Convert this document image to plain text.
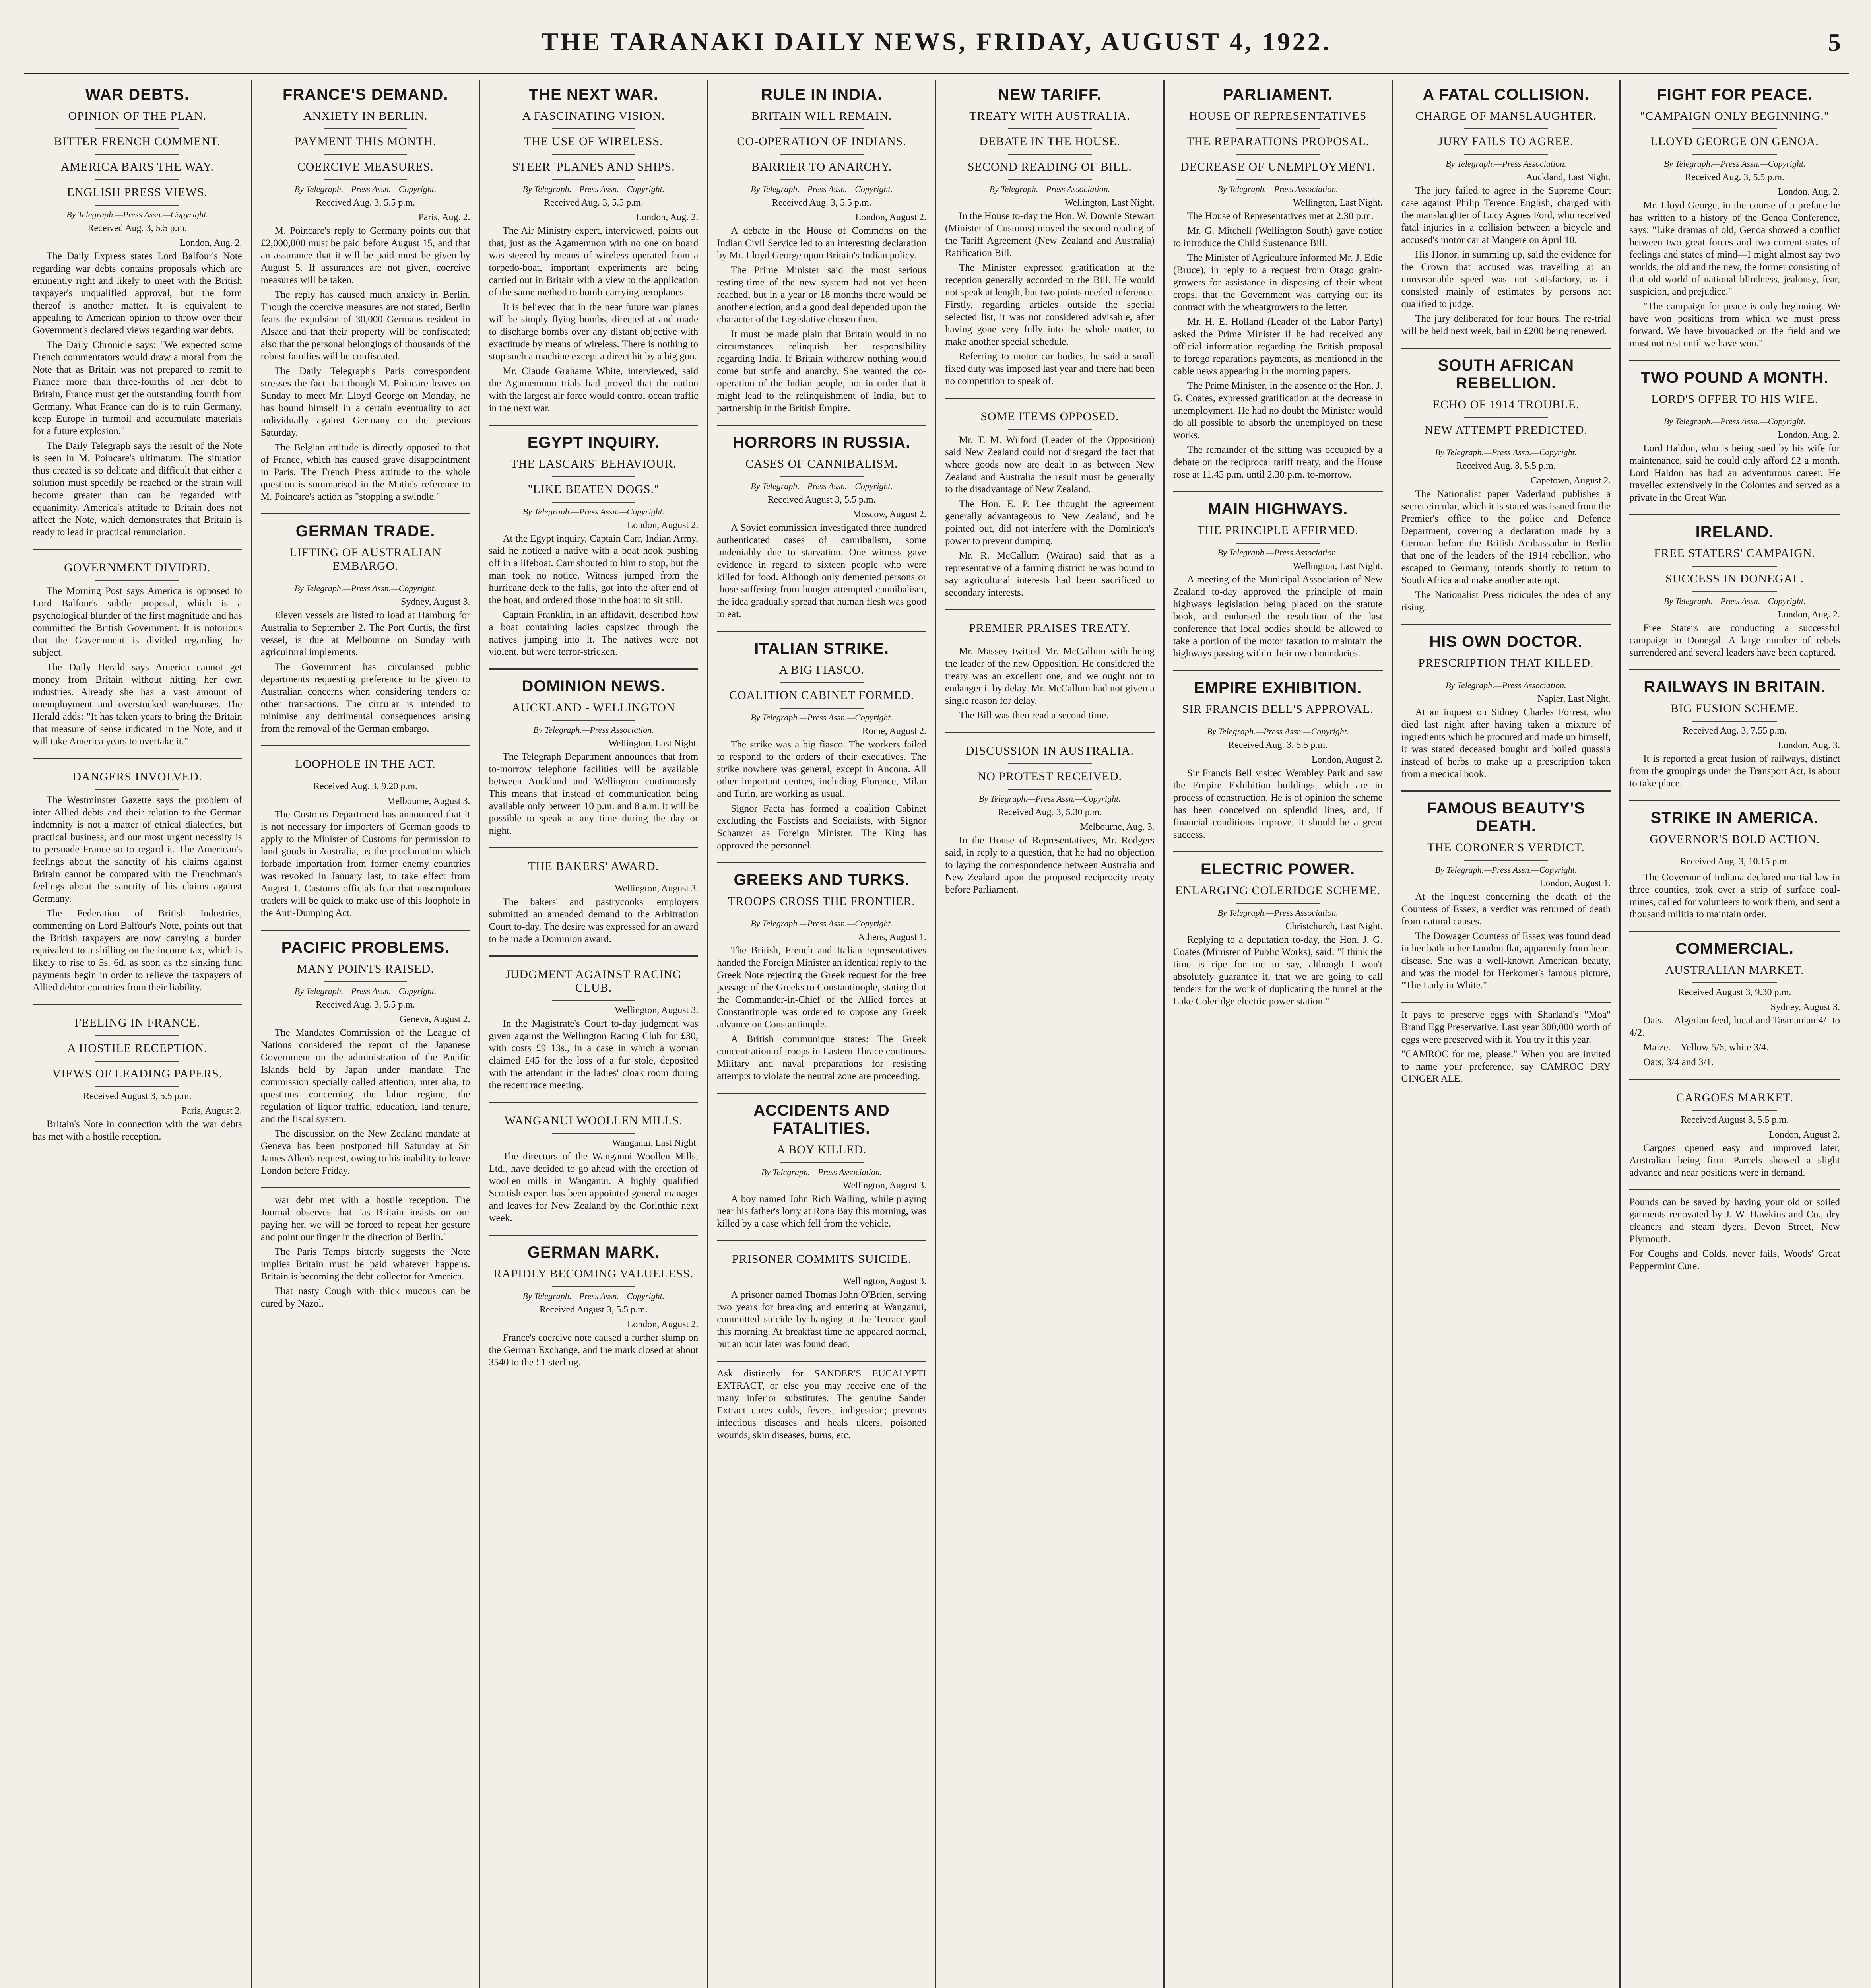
THE TARANAKI DAILY NEWS, FRIDAY, AUGUST 4, 1922.	5
WAR DEBTS.
OPINION OF THE PLAN.
BITTER FRENCH COMMENT.
AMERICA BARS THE WAY.
ENGLISH PRESS VIEWS.
By Telegraph.—Press Assn.—Copyright.
Received Aug. 3, 5.5 p.m.
London, Aug. 2.

The Daily Express states Lord Balfour's Note regarding war debts contains proposals which are eminently right and likely to meet with the British taxpayer's unqualified approval, but the form thereof is another matter. It is equivalent to appealing to American opinion to throw over their Government's declared views regarding war debts.

The Daily Chronicle says: "We expected some French commentators would draw a moral from the Note that as Britain was not prepared to remit to France more than three-fourths of her debt to Britain, France must get the outstanding fourth from Germany. What France can do is to ruin Germany, keep Europe in turmoil and accumulate materials for a future explosion."

The Daily Telegraph says the result of the Note is seen in M. Poincare's ultimatum. The situation thus created is so delicate and difficult that either a solution must speedily be reached or the strain will become greater than can be regarded with equanimity. America's attitude to Britain does not affect the Note, which demonstrates that Britain is ready to lead in practical renunciation.

GOVERNMENT DIVIDED.

The Morning Post says America is opposed to Lord Balfour's subtle proposal, which is a psychological blunder of the first magnitude and has committed the British Government. It is notorious that the Government is divided regarding the subject.

The Daily Herald says America cannot get money from Britain without hitting her own industries. Already she has a vast amount of unemployment and overstocked warehouses. The Herald adds: "It has taken years to bring the Britain that measure of sense indicated in the Note, and it will take America years to overtake it."

DANGERS INVOLVED.

The Westminster Gazette says the problem of inter-Allied debts and their relation to the German indemnity is not a matter of ethical dialectics, but practical business, and our most urgent necessity is to persuade France so to regard it. The American's feelings about the sanctity of his claims against Britain cannot be compared with the Frenchman's feelings about the sanctity of his claims against Germany.

The Federation of British Industries, commenting on Lord Balfour's Note, points out that the British taxpayers are now carrying a burden equivalent to a shilling on the income tax, which is likely to rise to 5s. 6d. as soon as the sinking fund payments begin in order to relieve the taxpayers of Allied debtor countries from their liability.

FEELING IN FRANCE.
A HOSTILE RECEPTION.
VIEWS OF LEADING PAPERS.
Received August 3, 5.5 p.m.
Paris, August 2.

Britain's Note in connection with the war debts has met with a hostile reception.

FRANCE'S DEMAND.
ANXIETY IN BERLIN.
PAYMENT THIS MONTH.
COERCIVE MEASURES.
By Telegraph.—Press Assn.—Copyright.
Received Aug. 3, 5.5 p.m.
Paris, Aug. 2.

M. Poincare's reply to Germany points out that £2,000,000 must be paid before August 15, and that an assurance that it will be paid must be given by August 5. If assurances are not given, coercive measures will be taken.

The reply has caused much anxiety in Berlin. Though the coercive measures are not stated, Berlin fears the expulsion of 30,000 Germans resident in Alsace and that their property will be confiscated; also that the personal belongings of thousands of the robust families will be confiscated.

The Daily Telegraph's Paris correspondent stresses the fact that though M. Poincare leaves on Sunday to meet Mr. Lloyd George on Monday, he has bound himself in a certain eventuality to act individually against Germany on the previous Saturday.

The Belgian attitude is directly opposed to that of France, which has caused grave disappointment in Paris. The French Press attitude to the whole question is summarised in the Matin's reference to M. Poincare's action as "stopping a swindle."

GERMAN TRADE.
LIFTING OF AUSTRALIAN EMBARGO.
By Telegraph.—Press Assn.—Copyright.
Sydney, August 3.

Eleven vessels are listed to load at Hamburg for Australia to September 2. The Port Curtis, the first vessel, is due at Melbourne on Sunday with agricultural implements.

The Government has circularised public departments requesting preference to be given to Australian concerns when considering tenders or other transactions. The circular is intended to minimise any detrimental consequences arising from the removal of the German embargo.

LOOPHOLE IN THE ACT.
Received Aug. 3, 9.20 p.m.
Melbourne, August 3.

The Customs Department has announced that it is not necessary for importers of German goods to apply to the Minister of Customs for permission to land goods in Australia, as the proclamation which forbade importation from former enemy countries was revoked in January last, to take effect from August 1. Customs officials fear that unscrupulous traders will be quick to make use of this loophole in the Anti-Dumping Act.

PACIFIC PROBLEMS.
MANY POINTS RAISED.
By Telegraph.—Press Assn.—Copyright.
Received Aug. 3, 5.5 p.m.
Geneva, August 2.

The Mandates Commission of the League of Nations considered the report of the Japanese Government on the administration of the Pacific Islands held by Japan under mandate. The commission specially called attention, inter alia, to questions concerning the labor regime, the regulation of liquor traffic, education, land tenure, and the fiscal system.

The discussion on the New Zealand mandate at Geneva has been postponed till Saturday at Sir James Allen's request, owing to his inability to leave London before Friday.

war debt met with a hostile reception. The Journal observes that "as Britain insists on our paying her, we will be forced to repeat her gesture and point our finger in the direction of Berlin."

The Paris Temps bitterly suggests the Note implies Britain must be paid whatever happens. Britain is becoming the debt-collector for America.

That nasty Cough with thick mucous can be cured by Nazol.

THE NEXT WAR.
A FASCINATING VISION.
THE USE OF WIRELESS.
STEER 'PLANES AND SHIPS.
By Telegraph.—Press Assn.—Copyright.
Received Aug. 3, 5.5 p.m.
London, Aug. 2.

The Air Ministry expert, interviewed, points out that, just as the Agamemnon with no one on board was steered by means of wireless operated from a torpedo-boat, important experiments are being carried out in Britain with a view to the application of the same method to bomb-carrying aeroplanes.

It is believed that in the near future war 'planes will be simply flying bombs, directed at and made to discharge bombs over any distant objective with exactitude by means of wireless. There is nothing to stop such a machine except a direct hit by a big gun.

Mr. Claude Grahame White, interviewed, said the Agamemnon trials had proved that the nation with the largest air force would control ocean traffic in the next war.

EGYPT INQUIRY.
THE LASCARS' BEHAVIOUR.
"LIKE BEATEN DOGS."
By Telegraph.—Press Assn.—Copyright.
London, August 2.

At the Egypt inquiry, Captain Carr, Indian Army, said he noticed a native with a boat hook pushing off in a lifeboat. Carr shouted to him to stop, but the man took no notice. Witness jumped from the hurricane deck to the falls, got into the after end of the boat, and ordered those in the boat to sit still.

Captain Franklin, in an affidavit, described how a boat containing ladies capsized through the natives jumping into it. The natives were not violent, but were terror-stricken.

DOMINION NEWS.
AUCKLAND - WELLINGTON
By Telegraph.—Press Association.
Wellington, Last Night.

The Telegraph Department announces that from to-morrow telephone facilities will be available between Auckland and Wellington continuously. This means that instead of communication being available only between 10 p.m. and 8 a.m. it will be possible to speak at any time during the day or night.

THE BAKERS' AWARD.
Wellington, August 3.

The bakers' and pastrycooks' employers submitted an amended demand to the Arbitration Court to-day. The desire was expressed for an award to be made a Dominion award.

JUDGMENT AGAINST RACING CLUB.
Wellington, August 3.

In the Magistrate's Court to-day judgment was given against the Wellington Racing Club for £30, with costs £9 13s., in a case in which a woman claimed £45 for the loss of a fur stole, deposited with the attendant in the ladies' cloak room during the recent race meeting.

WANGANUI WOOLLEN MILLS.
Wanganui, Last Night.

The directors of the Wanganui Woollen Mills, Ltd., have decided to go ahead with the erection of woollen mills in Wanganui. A highly qualified Scottish expert has been appointed general manager and leaves for New Zealand by the Corinthic next week.

GERMAN MARK.
RAPIDLY BECOMING VALUELESS.
By Telegraph.—Press Assn.—Copyright.
Received August 3, 5.5 p.m.
London, August 2.

France's coercive note caused a further slump on the German Exchange, and the mark closed at about 3540 to the £1 sterling.

RULE IN INDIA.
BRITAIN WILL REMAIN.
CO-OPERATION OF INDIANS.
BARRIER TO ANARCHY.
By Telegraph.—Press Assn.—Copyright.
Received Aug. 3, 5.5 p.m.
London, August 2.

A debate in the House of Commons on the Indian Civil Service led to an interesting declaration by Mr. Lloyd George upon Britain's Indian policy.

The Prime Minister said the most serious testing-time of the new system had not yet been reached, but in a year or 18 months there would be another election, and a good deal depended upon the character of the Legislative chosen then.

It must be made plain that Britain would in no circumstances relinquish her responsibility regarding India. If Britain withdrew nothing would come but strife and anarchy. She wanted the co-operation of the Indian people, not in order that it might lead to the relinquishment of India, but to partnership in the British Empire.

HORRORS IN RUSSIA.
CASES OF CANNIBALISM.
By Telegraph.—Press Assn.—Copyright.
Received August 3, 5.5 p.m.
Moscow, August 2.

A Soviet commission investigated three hundred authenticated cases of cannibalism, some undeniably due to starvation. One witness gave evidence in regard to sixteen people who were killed for food. Although only demented persons or those suffering from hunger attempted cannibalism, the idea gradually spread that human flesh was good to eat.

ITALIAN STRIKE.
A BIG FIASCO.
COALITION CABINET FORMED.
By Telegraph.—Press Assn.—Copyright.
Rome, August 2.

The strike was a big fiasco. The workers failed to respond to the orders of their executives. The strike nowhere was general, except in Ancona. All other important centres, including Florence, Milan and Turin, are working as usual.

Signor Facta has formed a coalition Cabinet excluding the Fascists and Socialists, with Signor Schanzer as Foreign Minister. The King has approved the personnel.

GREEKS AND TURKS.
TROOPS CROSS THE FRONTIER.
By Telegraph.—Press Assn.—Copyright.
Athens, August 1.

The British, French and Italian representatives handed the Foreign Minister an identical reply to the Greek Note rejecting the Greek request for the free passage of the Greeks to Constantinople, stating that the Commander-in-Chief of the Allied forces at Constantinople was ordered to oppose any Greek advance on Constantinople.

A British communique states: The Greek concentration of troops in Eastern Thrace continues. Military and naval preparations for resisting attempts to violate the neutral zone are proceeding.

ACCIDENTS AND FATALITIES.
A BOY KILLED.
By Telegraph.—Press Association.
Wellington, August 3.

A boy named John Rich Walling, while playing near his father's lorry at Rona Bay this morning, was killed by a case which fell from the vehicle.

PRISONER COMMITS SUICIDE.
Wellington, August 3.

A prisoner named Thomas John O'Brien, serving two years for breaking and entering at Wanganui, committed suicide by hanging at the Terrace gaol this morning. At breakfast time he appeared normal, but an hour later was found dead.

Ask distinctly for SANDER'S EUCALYPTI EXTRACT, or else you may receive one of the many inferior substitutes. The genuine Sander Extract cures colds, fevers, indigestion; prevents infectious diseases and heals ulcers, poisoned wounds, skin diseases, burns, etc.

NEW TARIFF.
TREATY WITH AUSTRALIA.
DEBATE IN THE HOUSE.
SECOND READING OF BILL.
By Telegraph.—Press Association.
Wellington, Last Night.

In the House to-day the Hon. W. Downie Stewart (Minister of Customs) moved the second reading of the Tariff Agreement (New Zealand and Australia) Ratification Bill.

The Minister expressed gratification at the reception generally accorded to the Bill. He would not speak at length, but two points needed reference. Firstly, regarding articles outside the special selected list, it was not considered advisable, after having gone very fully into the whole matter, to make another special schedule.

Referring to motor car bodies, he said a small fixed duty was imposed last year and there had been no competition to speak of.

SOME ITEMS OPPOSED.

Mr. T. M. Wilford (Leader of the Opposition) said New Zealand could not disregard the fact that where goods now are dealt in as between New Zealand and Australia the result must be generally to the disadvantage of New Zealand.

The Hon. E. P. Lee thought the agreement generally advantageous to New Zealand, and he pointed out, did not interfere with the Dominion's power to prevent dumping.

Mr. R. McCallum (Wairau) said that as a representative of a farming district he was bound to say agricultural interests had been sacrificed to secondary interests.

PREMIER PRAISES TREATY.

Mr. Massey twitted Mr. McCallum with being the leader of the new Opposition. He considered the treaty was an excellent one, and we ought not to endanger it by delay. Mr. McCallum had not given a single reason for delay.

The Bill was then read a second time.

DISCUSSION IN AUSTRALIA.
NO PROTEST RECEIVED.
By Telegraph.—Press Assn.—Copyright.
Received Aug. 3, 5.30 p.m.
Melbourne, Aug. 3.

In the House of Representatives, Mr. Rodgers said, in reply to a question, that he had no objection to laying the correspondence between Australia and New Zealand upon the proposed reciprocity treaty before Parliament.

PARLIAMENT.
HOUSE OF REPRESENTATIVES
THE REPARATIONS PROPOSAL.
DECREASE OF UNEMPLOYMENT.
By Telegraph.—Press Association.
Wellington, Last Night.

The House of Representatives met at 2.30 p.m.

Mr. G. Mitchell (Wellington South) gave notice to introduce the Child Sustenance Bill.

The Minister of Agriculture informed Mr. J. Edie (Bruce), in reply to a request from Otago grain-growers for assistance in disposing of their wheat crops, that the Government was carrying out its contract with the wheatgrowers to the letter.

Mr. H. E. Holland (Leader of the Labor Party) asked the Prime Minister if he had received any official information regarding the British proposal to forego reparations payments, as mentioned in the cable news appearing in the morning papers.

The Prime Minister, in the absence of the Hon. J. G. Coates, expressed gratification at the decrease in unemployment. He had no doubt the Minister would do all possible to absorb the unemployed on these works.

The remainder of the sitting was occupied by a debate on the reciprocal tariff treaty, and the House rose at 11.45 p.m. until 2.30 p.m. to-morrow.

MAIN HIGHWAYS.
THE PRINCIPLE AFFIRMED.
By Telegraph.—Press Association.
Wellington, Last Night.

A meeting of the Municipal Association of New Zealand to-day approved the principle of main highways legislation being placed on the statute book, and endorsed the resolution of the last conference that local bodies should be allowed to take a portion of the motor taxation to maintain the highways passing within their own boundaries.

EMPIRE EXHIBITION.
SIR FRANCIS BELL'S APPROVAL.
By Telegraph.—Press Assn.—Copyright.
Received Aug. 3, 5.5 p.m.
London, August 2.

Sir Francis Bell visited Wembley Park and saw the Empire Exhibition buildings, which are in process of construction. He is of opinion the scheme has been conceived on splendid lines, and, if financial conditions improve, it should be a great success.

ELECTRIC POWER.
ENLARGING COLERIDGE SCHEME.
By Telegraph.—Press Association.
Christchurch, Last Night.

Replying to a deputation to-day, the Hon. J. G. Coates (Minister of Public Works), said: "I think the time is ripe for me to say, although I won't absolutely guarantee it, that we are going to call tenders for the work of duplicating the tunnel at the Lake Coleridge electric power station."

A FATAL COLLISION.
CHARGE OF MANSLAUGHTER.
JURY FAILS TO AGREE.
By Telegraph.—Press Association.
Auckland, Last Night.

The jury failed to agree in the Supreme Court case against Philip Terence English, charged with the manslaughter of Lucy Agnes Ford, who received fatal injuries in a collision between a bicycle and accused's motor car at Mangere on April 10.

His Honor, in summing up, said the evidence for the Crown that accused was travelling at an unreasonable speed was not satisfactory, as it consisted mainly of estimates by persons not qualified to judge.

The jury deliberated for four hours. The re-trial will be held next week, bail in £200 being renewed.

SOUTH AFRICAN REBELLION.
ECHO OF 1914 TROUBLE.
NEW ATTEMPT PREDICTED.
By Telegraph.—Press Assn.—Copyright.
Received Aug. 3, 5.5 p.m.
Capetown, August 2.

The Nationalist paper Vaderland publishes a secret circular, which it is stated was issued from the Premier's office to the police and Defence Department, covering a declaration made by a German before the British Ambassador in Berlin that one of the leaders of the 1914 rebellion, who escaped to Germany, intends shortly to return to South Africa and make another attempt.

The Nationalist Press ridicules the idea of any rising.

HIS OWN DOCTOR.
PRESCRIPTION THAT KILLED.
By Telegraph.—Press Association.
Napier, Last Night.

At an inquest on Sidney Charles Forrest, who died last night after having taken a mixture of ingredients which he procured and made up himself, it was stated deceased bought and boiled quassia instead of herbs to make up a prescription taken from a medical book.

FAMOUS BEAUTY'S DEATH.
THE CORONER'S VERDICT.
By Telegraph.—Press Assn.—Copyright.
London, August 1.

At the inquest concerning the death of the Countess of Essex, a verdict was returned of death from natural causes.

The Dowager Countess of Essex was found dead in her bath in her London flat, apparently from heart disease. She was a well-known American beauty, and was the model for Herkomer's famous picture, "The Lady in White."

It pays to preserve eggs with Sharland's "Moa" Brand Egg Preservative. Last year 300,000 worth of eggs were preserved with it. You try it this year.

"CAMROC for me, please." When you are invited to name your preference, say CAMROC DRY GINGER ALE.

FIGHT FOR PEACE.
"CAMPAIGN ONLY BEGINNING."
LLOYD GEORGE ON GENOA.
By Telegraph.—Press Assn.—Copyright.
Received Aug. 3, 5.5 p.m.
London, Aug. 2.

Mr. Lloyd George, in the course of a preface he has written to a history of the Genoa Conference, says: "Like dramas of old, Genoa showed a conflict between two great forces and two current states of feelings and states of mind—I might almost say two worlds, the old and the new, the former consisting of that old world of national blindness, jealousy, fear, suspicion, and prejudice."

"The campaign for peace is only beginning. We have won positions from which we must press forward. We have bivouacked on the field and we must not rest until we have won."

TWO POUND A MONTH.
LORD'S OFFER TO HIS WIFE.
By Telegraph.—Press Assn.—Copyright.
London, Aug. 2.

Lord Haldon, who is being sued by his wife for maintenance, said he could only afford £2 a month. Lord Haldon has had an adventurous career. He travelled extensively in the Colonies and served as a private in the Great War.

IRELAND.
FREE STATERS' CAMPAIGN.
SUCCESS IN DONEGAL.
By Telegraph.—Press Assn.—Copyright.
London, Aug. 2.

Free Staters are conducting a successful campaign in Donegal. A large number of rebels surrendered and several leaders have been captured.

RAILWAYS IN BRITAIN.
BIG FUSION SCHEME.
Received Aug. 3, 7.55 p.m.
London, Aug. 3.

It is reported a great fusion of railways, distinct from the groupings under the Transport Act, is about to take place.

STRIKE IN AMERICA.
GOVERNOR'S BOLD ACTION.
Received Aug. 3, 10.15 p.m.

The Governor of Indiana declared martial law in three counties, took over a strip of surface coal-mines, called for volunteers to work them, and sent a thousand militia to maintain order.

COMMERCIAL.
AUSTRALIAN MARKET.
Received August 3, 9.30 p.m.
Sydney, August 3.

Oats.—Algerian feed, local and Tasmanian 4/- to 4/2.

Maize.—Yellow 5/6, white 3/4.

Oats, 3/4 and 3/1.

CARGOES MARKET.
Received August 3, 5.5 p.m.
London, August 2.

Cargoes opened easy and improved later, Australian being firm. Parcels showed a slight advance and near positions were in demand.

Pounds can be saved by having your old or soiled garments renovated by J. W. Hawkins and Co., dry cleaners and steam dyers, Devon Street, New Plymouth.

For Coughs and Colds, never fails, Woods' Great Peppermint Cure.
